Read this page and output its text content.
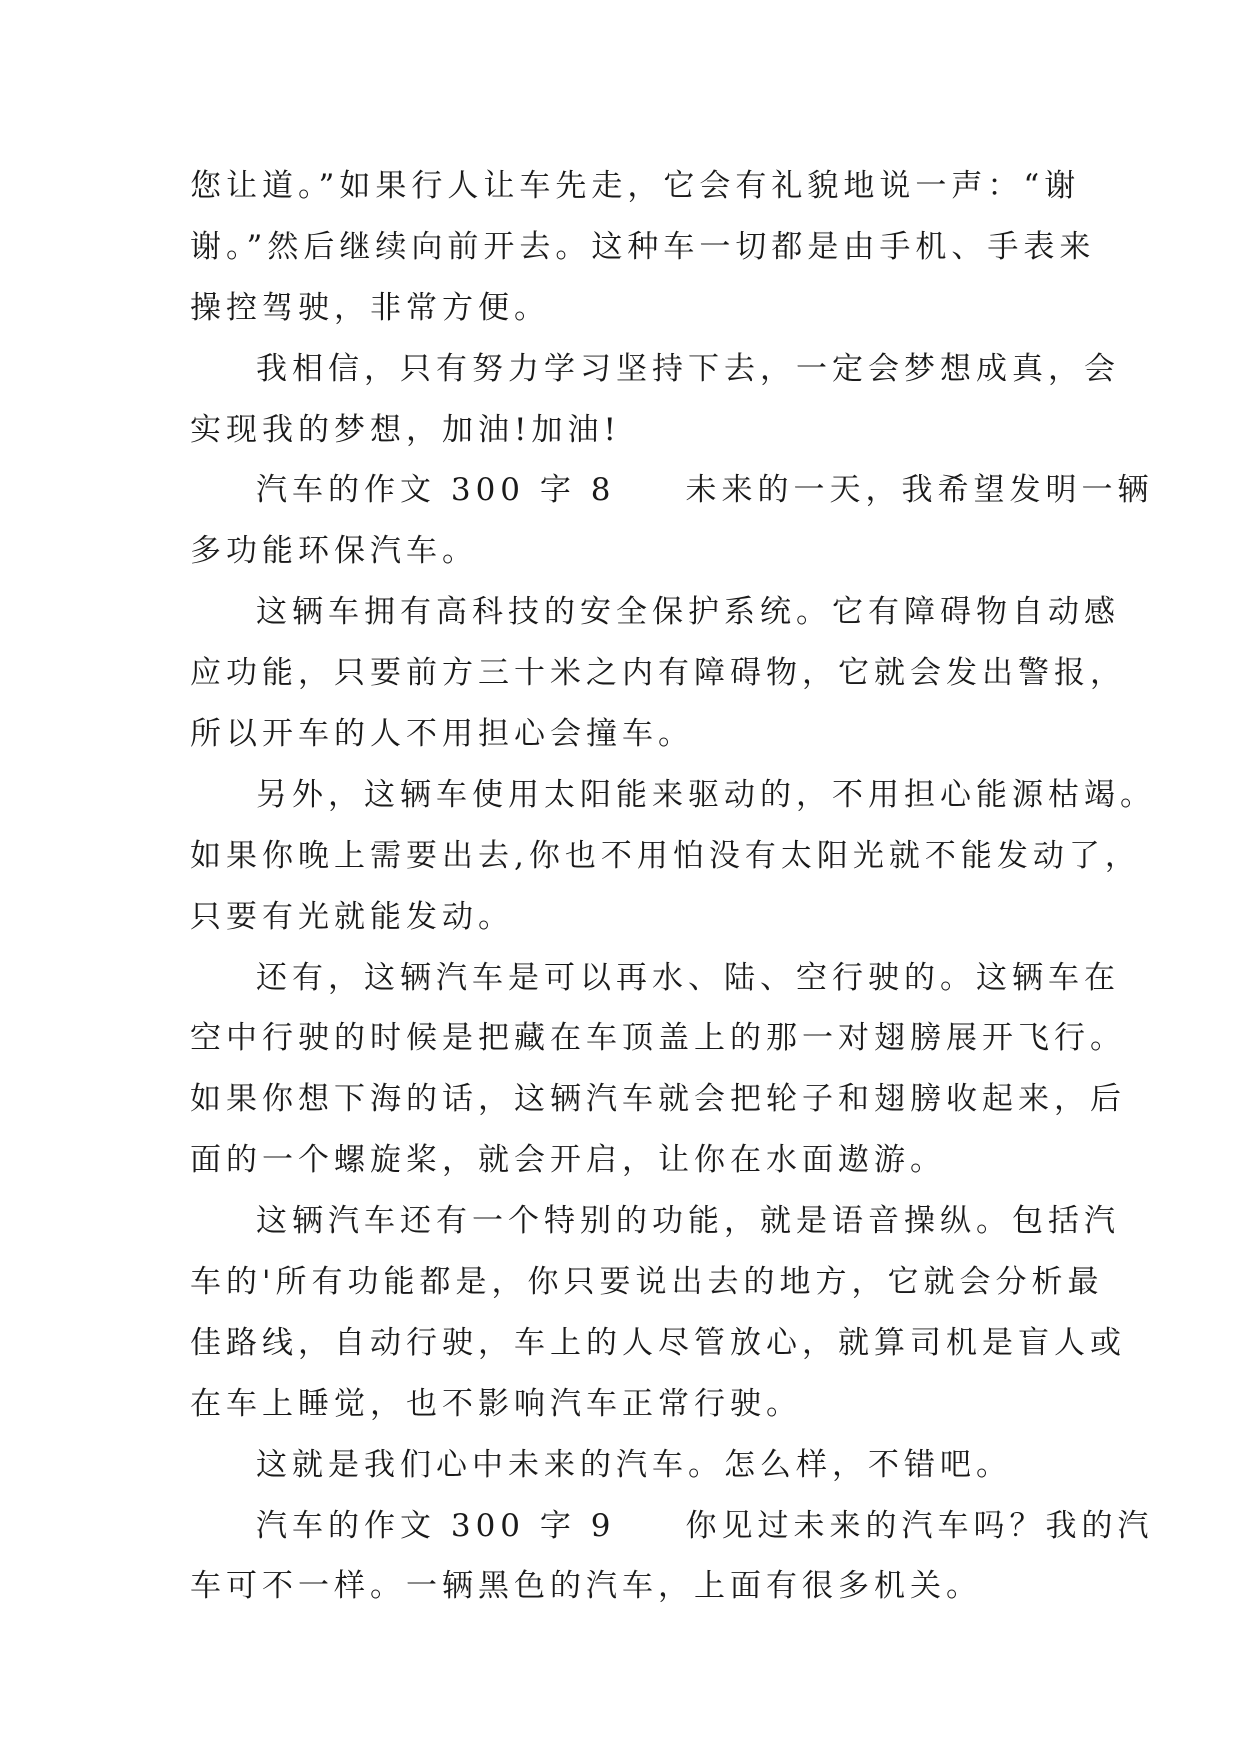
您让道。”如果行人让车先走，它会有礼貌地说一声：“谢
谢。”然后继续向前开去。这种车一切都是由手机、手表来
操控驾驶，非常方便。
我相信，只有努力学习坚持下去，一定会梦想成真，会
实现我的梦想，加油!加油!
汽车的作文 300 字 8 未来的一天，我希望发明一辆
多功能环保汽车。
这辆车拥有高科技的安全保护系统。它有障碍物自动感
应功能，只要前方三十米之内有障碍物，它就会发出警报，
所以开车的人不用担心会撞车。
另外，这辆车使用太阳能来驱动的，不用担心能源枯竭。
如果你晚上需要出去,你也不用怕没有太阳光就不能发动了，
只要有光就能发动。
还有，这辆汽车是可以再水、陆、空行驶的。这辆车在
空中行驶的时候是把藏在车顶盖上的那一对翅膀展开飞行。
如果你想下海的话，这辆汽车就会把轮子和翅膀收起来，后
面的一个螺旋桨，就会开启，让你在水面遨游。
这辆汽车还有一个特别的功能，就是语音操纵。包括汽
车的'所有功能都是，你只要说出去的地方，它就会分析最
佳路线，自动行驶，车上的人尽管放心，就算司机是盲人或
在车上睡觉，也不影响汽车正常行驶。
这就是我们心中未来的汽车。怎么样，不错吧。
汽车的作文 300 字 9 你见过未来的汽车吗？我的汽
车可不一样。一辆黑色的汽车，上面有很多机关。
